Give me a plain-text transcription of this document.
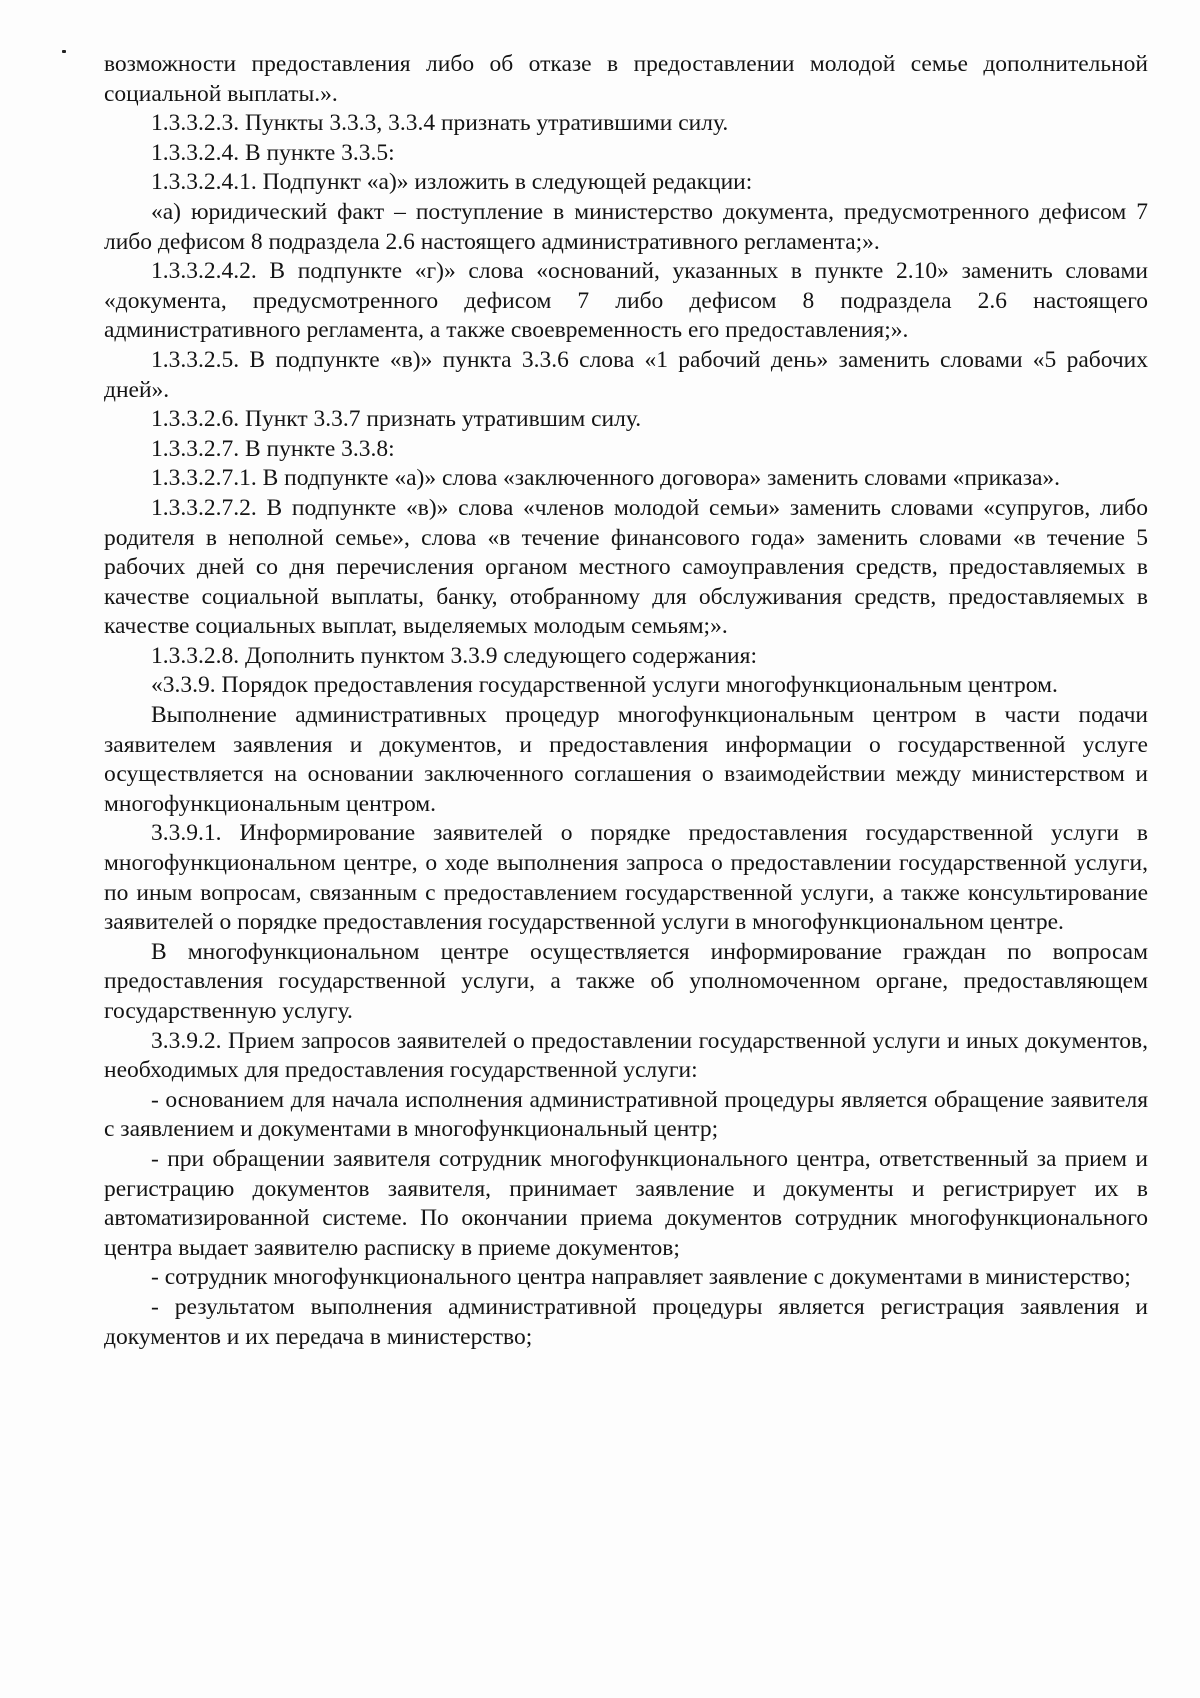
возможности предоставления либо об отказе в предоставлении молодой семье дополнительной социальной выплаты.».

1.3.3.2.3. Пункты 3.3.3, 3.3.4 признать утратившими силу.

1.3.3.2.4. В пункте 3.3.5:

1.3.3.2.4.1. Подпункт «а)» изложить в следующей редакции:

«а) юридический факт – поступление в министерство документа, предусмотренного дефисом 7 либо дефисом 8 подраздела 2.6 настоящего административного регламента;».

1.3.3.2.4.2. В подпункте «г)» слова «оснований, указанных в пункте 2.10» заменить словами «документа, предусмотренного дефисом 7 либо дефисом 8 подраздела 2.6 настоящего административного регламента, а также своевременность его предоставления;».

1.3.3.2.5. В подпункте «в)» пункта 3.3.6 слова «1 рабочий день» заменить словами «5 рабочих дней».

1.3.3.2.6. Пункт 3.3.7 признать утратившим силу.

1.3.3.2.7. В пункте 3.3.8:

1.3.3.2.7.1. В подпункте «а)» слова «заключенного договора» заменить словами «приказа».

1.3.3.2.7.2. В подпункте «в)» слова «членов молодой семьи» заменить словами «супругов, либо родителя в неполной семье», слова «в течение финансового года» заменить словами «в течение 5 рабочих дней со дня перечисления органом местного самоуправления средств, предоставляемых в качестве социальной выплаты, банку, отобранному для обслуживания средств, предоставляемых в качестве социальных выплат, выделяемых молодым семьям;».

1.3.3.2.8. Дополнить пунктом 3.3.9 следующего содержания:

«3.3.9. Порядок предоставления государственной услуги многофункциональным центром.

Выполнение административных процедур многофункциональным центром в части подачи заявителем заявления и документов, и предоставления информации о государственной услуге осуществляется на основании заключенного соглашения о взаимодействии между министерством и многофункциональным центром.

3.3.9.1. Информирование заявителей о порядке предоставления государственной услуги в многофункциональном центре, о ходе выполнения запроса о предоставлении государственной услуги, по иным вопросам, связанным с предоставлением государственной услуги, а также консультирование заявителей о порядке предоставления государственной услуги в многофункциональном центре.

В многофункциональном центре осуществляется информирование граждан по вопросам предоставления государственной услуги, а также об уполномоченном органе, предоставляющем государственную услугу.

3.3.9.2. Прием запросов заявителей о предоставлении государственной услуги и иных документов, необходимых для предоставления государственной услуги:

- основанием для начала исполнения административной процедуры является обращение заявителя с заявлением и документами в многофункциональный центр;

- при обращении заявителя сотрудник многофункционального центра, ответственный за прием и регистрацию документов заявителя, принимает заявление и документы и регистрирует их в автоматизированной системе. По окончании приема документов сотрудник многофункционального центра выдает заявителю расписку в приеме документов;

- сотрудник многофункционального центра направляет заявление с документами в министерство;

- результатом выполнения административной процедуры является регистрация заявления и документов и их передача в министерство;
